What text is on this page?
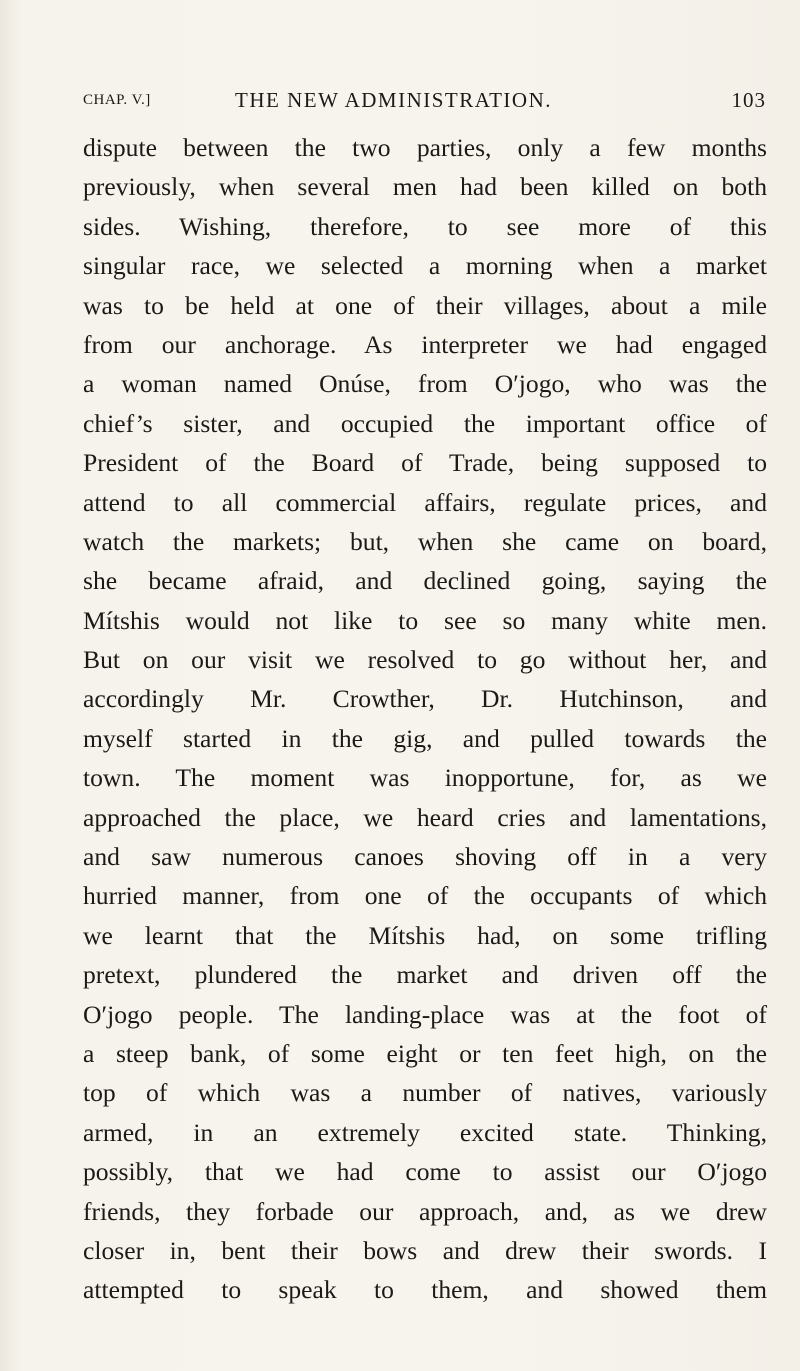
CHAP. V.]	THE NEW ADMINISTRATION.	103
dispute between the two parties, only a few months
previously, when several men had been killed on both
sides. Wishing, therefore, to see more of this
singular race, we selected a morning when a market
was to be held at one of their villages, about a mile
from our anchorage. As interpreter we had engaged
a woman named Onúse, from O′jogo, who was the
chief’s sister, and occupied the important office of
President of the Board of Trade, being supposed to
attend to all commercial affairs, regulate prices, and
watch the markets; but, when she came on board,
she became afraid, and declined going, saying the
Mítshis would not like to see so many white men.
But on our visit we resolved to go without her, and
accordingly Mr. Crowther, Dr. Hutchinson, and
myself started in the gig, and pulled towards the
town. The moment was inopportune, for, as we
approached the place, we heard cries and lamentations,
and saw numerous canoes shoving off in a very
hurried manner, from one of the occupants of which
we learnt that the Mítshis had, on some trifling
pretext, plundered the market and driven off the
O′jogo people. The landing-place was at the foot of
a steep bank, of some eight or ten feet high, on the
top of which was a number of natives, variously
armed, in an extremely excited state. Thinking,
possibly, that we had come to assist our O′jogo
friends, they forbade our approach, and, as we drew
closer in, bent their bows and drew their swords. I
attempted to speak to them, and showed them
